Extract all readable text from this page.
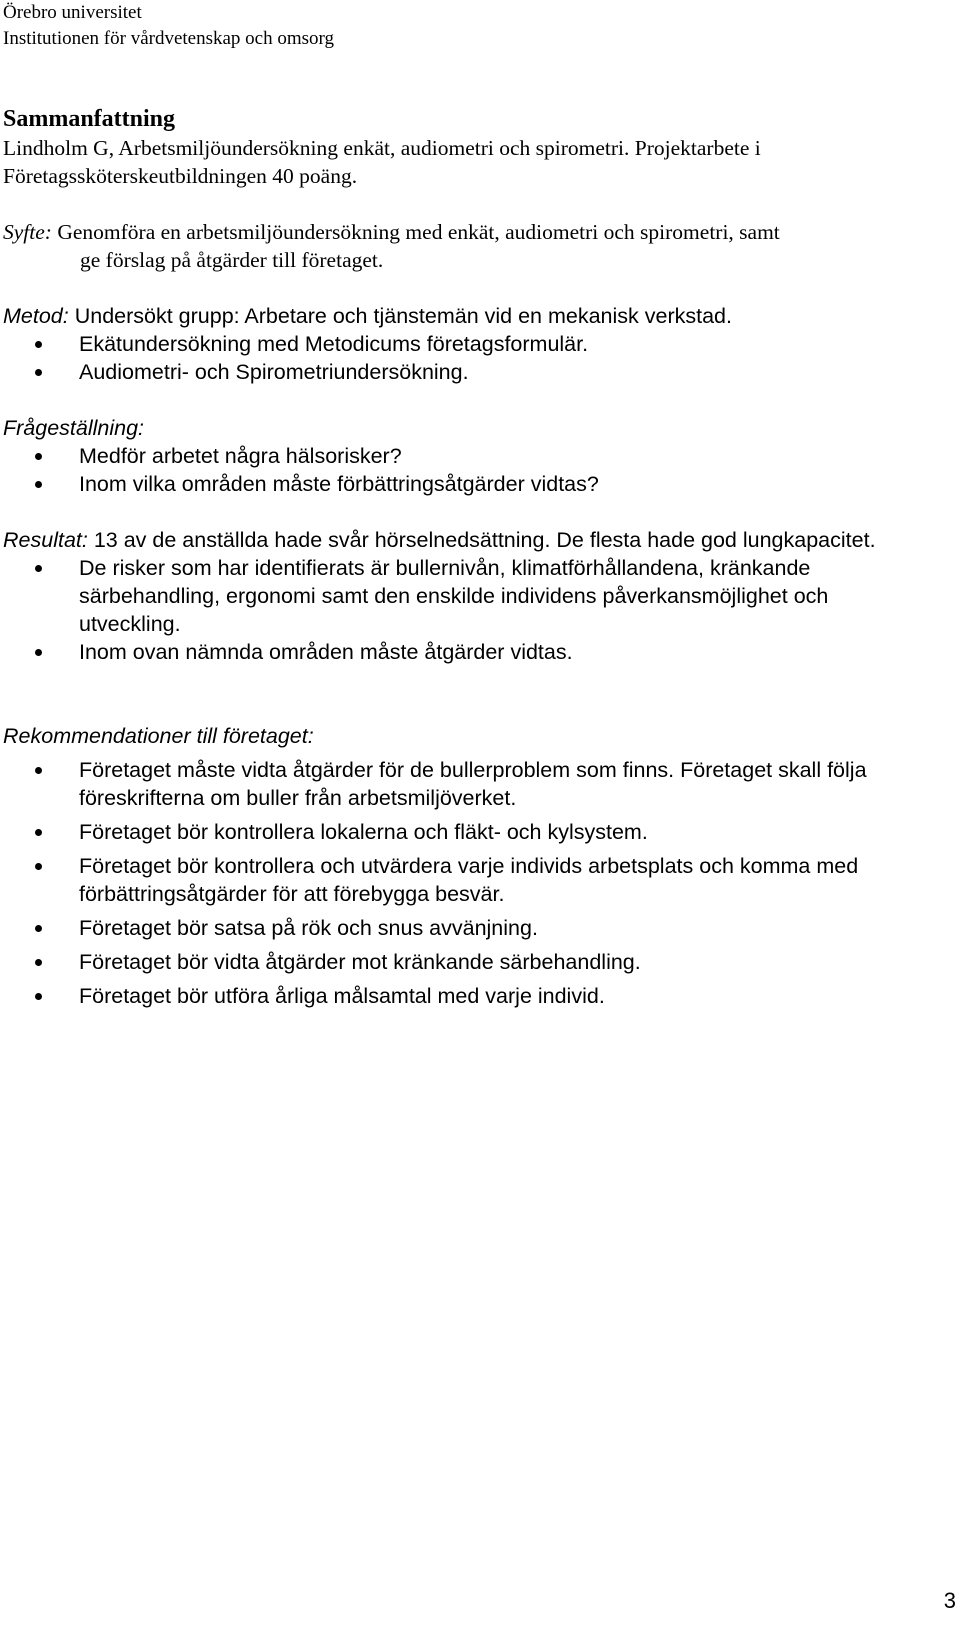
Örebro universitet
Institutionen för vårdvetenskap och omsorg
Sammanfattning

Lindholm G, Arbetsmiljöundersökning enkät, audiometri och spirometri. Projektarbete i

Företagssköterskeutbildningen 40 poäng.

Syfte: Genomföra en arbetsmiljöundersökning med enkät, audiometri och spirometri, samt

ge förslag på åtgärder till företaget.

Metod: Undersökt grupp: Arbetare och tjänstemän vid en mekanisk verkstad.

Ekätundersökning med Metodicums företagsformulär.
Audiometri- och Spirometriundersökning.

Frågeställning:

Medför arbetet några hälsorisker?
Inom vilka områden måste förbättringsåtgärder vidtas?

Resultat: 13 av de anställda hade svår hörselnedsättning. De flesta hade god lungkapacitet.

De risker som har identifierats är bullernivån, klimatförhållandena, kränkande särbehandling, ergonomi samt den enskilde individens påverkansmöjlighet och utveckling.
Inom ovan nämnda områden måste åtgärder vidtas.

Rekommendationer till företaget:

Företaget måste vidta åtgärder för de bullerproblem som finns. Företaget skall följa föreskrifterna om buller från arbetsmiljöverket.
Företaget bör kontrollera lokalerna och fläkt- och kylsystem.
Företaget bör kontrollera och utvärdera varje individs arbetsplats och komma med förbättringsåtgärder för att förebygga besvär.
Företaget bör satsa på rök och snus avvänjning.
Företaget bör vidta åtgärder mot kränkande särbehandling.
Företaget bör utföra årliga målsamtal med varje individ.
3
